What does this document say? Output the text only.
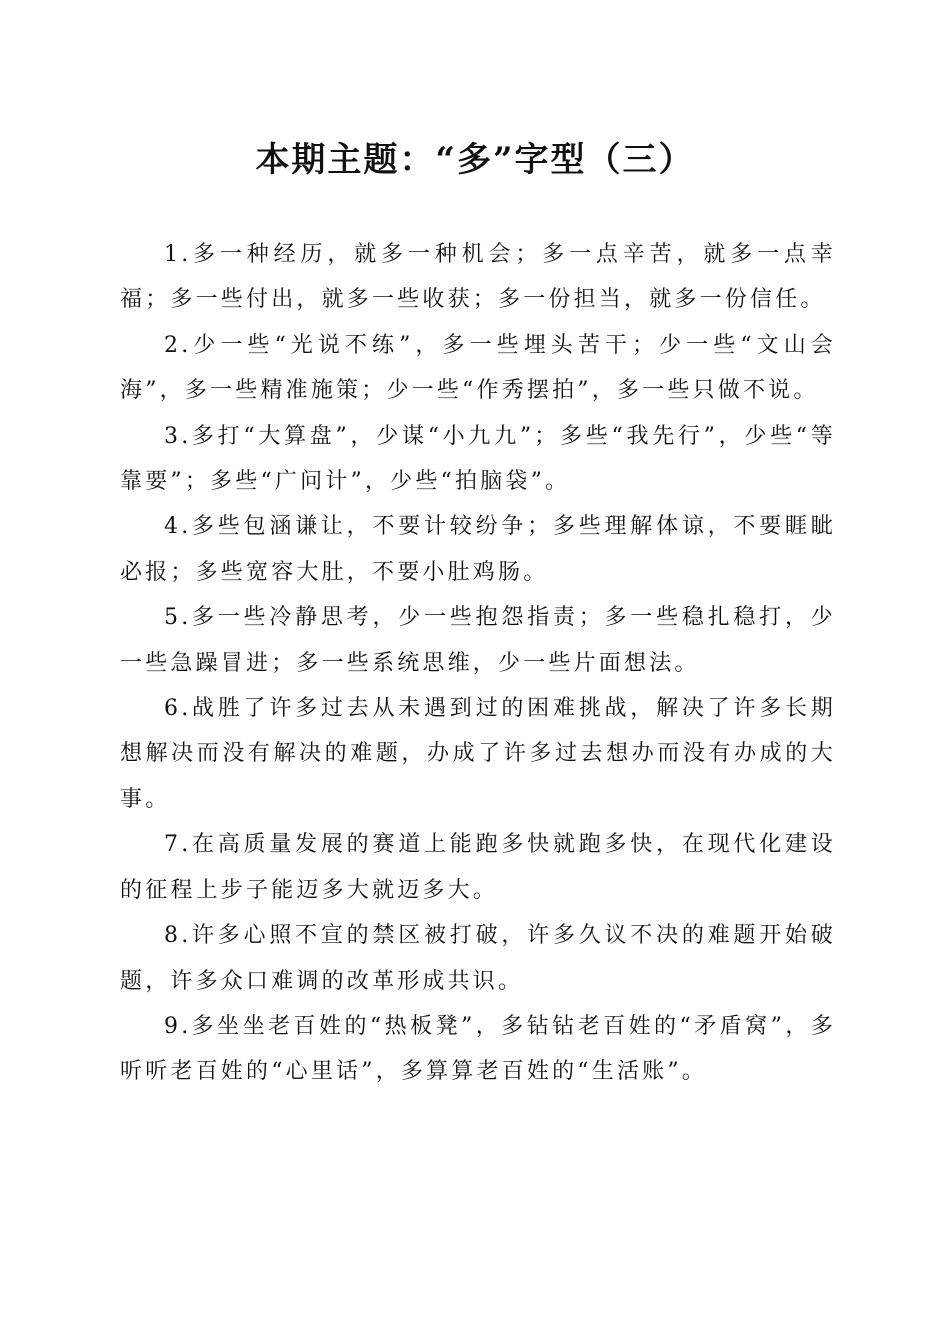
本期主题：“多”字型（三）

1.多一种经历，就多一种机会；多一点辛苦，就多一点幸福；多一些付出，就多一些收获；多一份担当，就多一份信任。

2.少一些“光说不练”，多一些埋头苦干；少一些“文山会海”，多一些精准施策；少一些“作秀摆拍”，多一些只做不说。

3.多打“大算盘”，少谋“小九九”；多些“我先行”，少些“等靠要”；多些“广问计”，少些“拍脑袋”。

4.多些包涵谦让，不要计较纷争；多些理解体谅，不要睚眦必报；多些宽容大肚，不要小肚鸡肠。

5.多一些冷静思考，少一些抱怨指责；多一些稳扎稳打，少一些急躁冒进；多一些系统思维，少一些片面想法。

6.战胜了许多过去从未遇到过的困难挑战，解决了许多长期想解决而没有解决的难题，办成了许多过去想办而没有办成的大事。

7.在高质量发展的赛道上能跑多快就跑多快，在现代化建设的征程上步子能迈多大就迈多大。

8.许多心照不宣的禁区被打破，许多久议不决的难题开始破题，许多众口难调的改革形成共识。

9.多坐坐老百姓的“热板凳”，多钻钻老百姓的“矛盾窝”，多听听老百姓的“心里话”，多算算老百姓的“生活账”。
